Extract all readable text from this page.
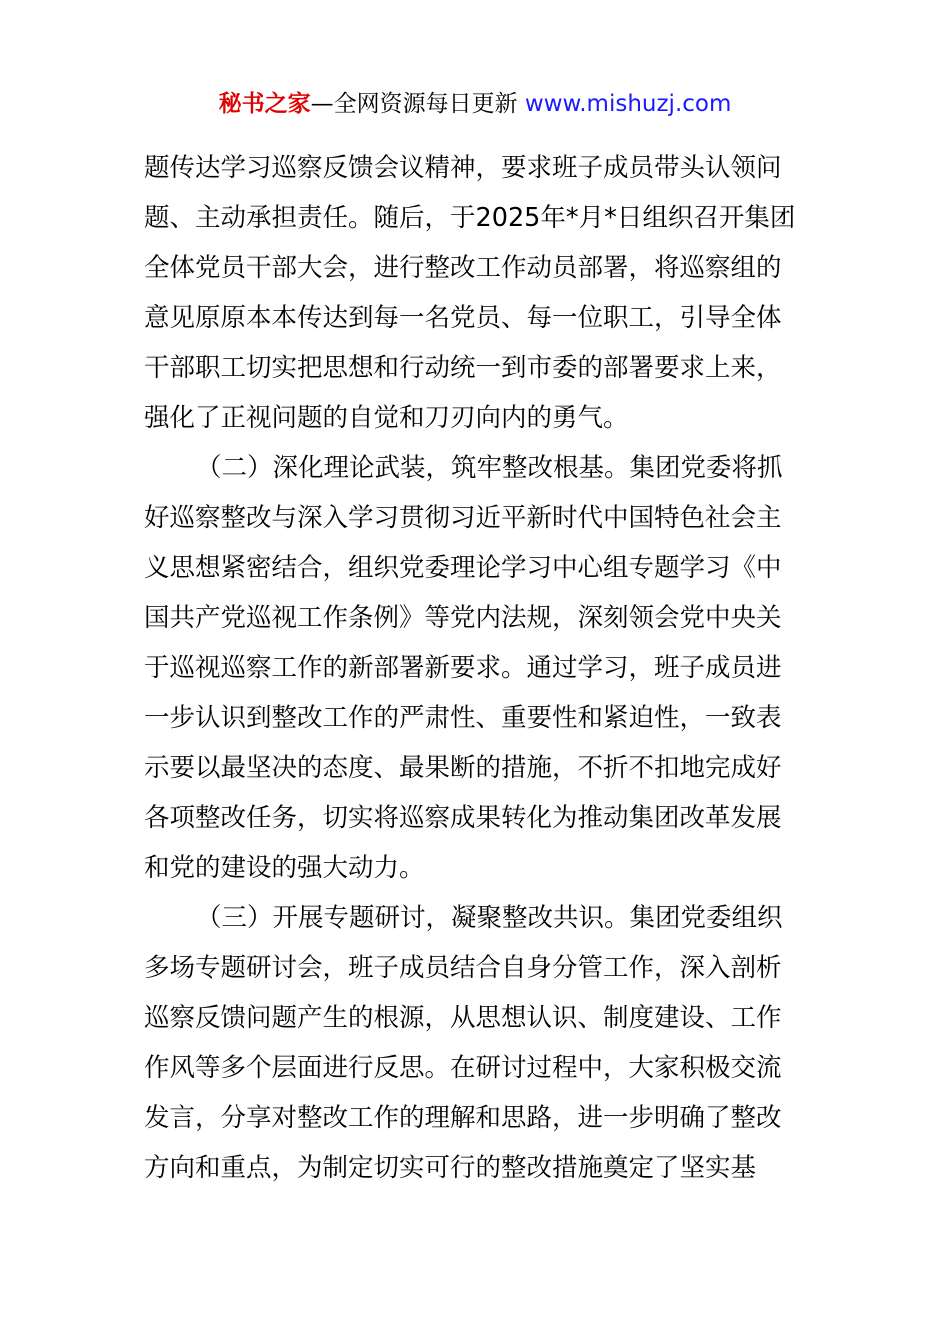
秘书之家—全网资源每日更新 www.mishuzj.com
题传达学习巡察反馈会议精神，要求班子成员带头认领问
题、主动承担责任。随后，于2025年*月*日组织召开集团
全体党员干部大会，进行整改工作动员部署，将巡察组的
意见原原本本传达到每一名党员、每一位职工，引导全体
干部职工切实把思想和行动统一到市委的部署要求上来，
强化了正视问题的自觉和刀刃向内的勇气。
（二）深化理论武装，筑牢整改根基。集团党委将抓
好巡察整改与深入学习贯彻习近平新时代中国特色社会主
义思想紧密结合，组织党委理论学习中心组专题学习《中
国共产党巡视工作条例》等党内法规，深刻领会党中央关
于巡视巡察工作的新部署新要求。通过学习，班子成员进
一步认识到整改工作的严肃性、重要性和紧迫性，一致表
示要以最坚决的态度、最果断的措施，不折不扣地完成好
各项整改任务，切实将巡察成果转化为推动集团改革发展
和党的建设的强大动力。
（三）开展专题研讨，凝聚整改共识。集团党委组织
多场专题研讨会，班子成员结合自身分管工作，深入剖析
巡察反馈问题产生的根源，从思想认识、制度建设、工作
作风等多个层面进行反思。在研讨过程中，大家积极交流
发言，分享对整改工作的理解和思路，进一步明确了整改
方向和重点，为制定切实可行的整改措施奠定了坚实基
